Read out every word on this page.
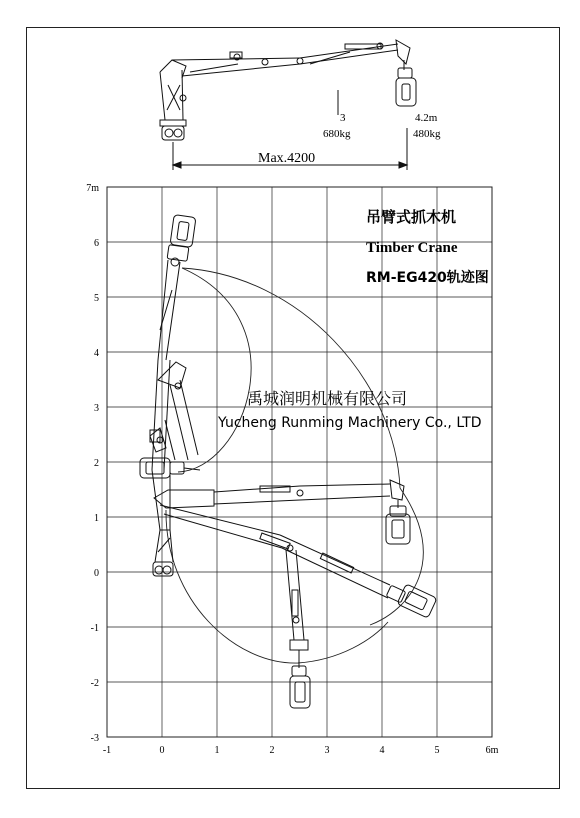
Max.4200
3
680kg
4.2m
480kg
-1	0	1	2	3	4	5	6m
-3
-2
-1
0
1
2
3
4
5
6
7m
吊臂式抓木机
Timber Crane
RM-EG420轨迹图
禹城润明机械有限公司
Yucheng Runming Machinery Co., LTD
